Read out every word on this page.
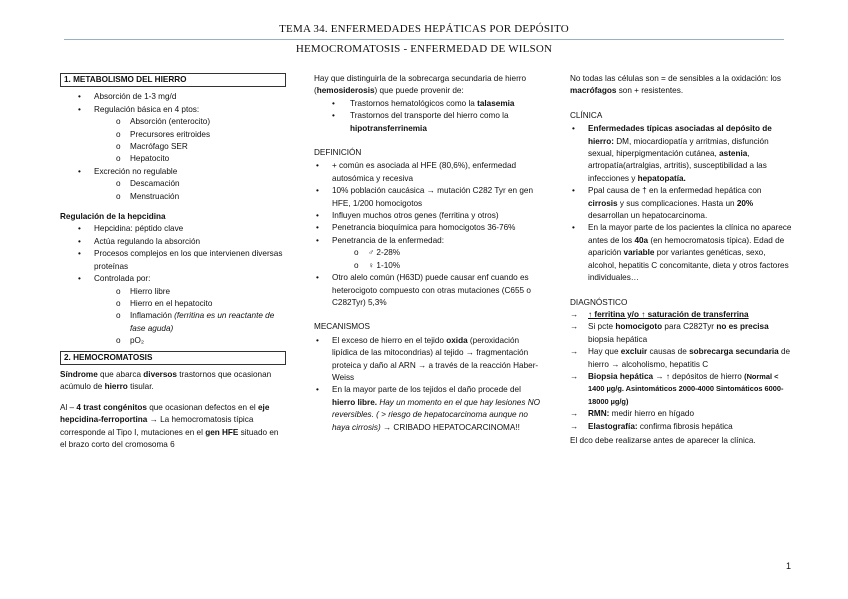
TEMA 34. ENFERMEDADES HEPÁTICAS POR DEPÓSITO
HEMOCROMATOSIS - ENFERMEDAD DE WILSON
1. METABOLISMO DEL HIERRO
• Absorción de 1-3 mg/d
• Regulación básica en 4 ptos:
o Absorción (enterocito)
o Precursores eritroides
o Macrófago SER
o Hepatocito
• Excreción no regulable
o Descamación
o Menstruación

Regulación de la hepcidina

• Hepcidina: péptido clave
• Actúa regulando la absorción
• Procesos complejos en los que intervienen diversas proteínas
• Controlada por:
o Hierro libre
o Hierro en el hepatocito
o Inflamación (ferritina es un reactante de fase aguda)
o pO₂
2. HEMOCROMATOSIS

Síndrome que abarca diversos trastornos que ocasionan acúmulo de hierro tisular.

Al – 4 trast congénitos que ocasionan defectos en el eje hepcidina-ferroportina → La hemocromatosis típica corresponde al Tipo I, mutaciones en el gen HFE situado en el brazo corto del cromosoma 6

Hay que distinguirla de la sobrecarga secundaria de hierro (hemosiderosis) que puede provenir de:

• Trastornos hematológicos como la talasemia
• Trastornos del transporte del hierro como la hipotransferrinemia

DEFINICIÓN

• + común es asociada al HFE (80,6%), enfermedad autosómica y recesiva
• 10% población caucásica → mutación C282 Tyr en gen HFE, 1/200 homocigotos
• Influyen muchos otros genes (ferritina y otros)
• Penetrancia bioquímica para homocigotos 36-76%
• Penetrancia de la enfermedad:
o ♂ 2-28%
o ♀ 1-10%
• Otro alelo común (H63D) puede causar enf cuando es heterocigoto compuesto con otras mutaciones (C655 o C282Tyr) 5,3%

MECANISMOS

• El exceso de hierro en el tejido oxida (peroxidación lipídica de las mitocondrias) al tejido → fragmentación proteica y daño al ARN → a través de la reacción Haber-Weiss
• En la mayor parte de los tejidos el daño procede del hierro libre. Hay un momento en el que hay lesiones NO reversibles. ( > riesgo de hepatocarcinoma aunque no haya cirrosis) → CRIBADO HEPATOCARCINOMA!!

No todas las células son = de sensibles a la oxidación: los macrófagos son + resistentes.

CLÍNICA

• Enfermedades típicas asociadas al depósito de hierro: DM, miocardiopatía y arritmias, disfunción sexual, hiperpigmentación cutánea, astenia, artropatía(artralgias, artritis), susceptibilidad a las infecciones y hepatopatía.
• Ppal causa de † en la enfermedad hepática con cirrosis y sus complicaciones. Hasta un 20% desarrollan un hepatocarcinoma.
• En la mayor parte de los pacientes la clínica no aparece antes de los 40a (en hemocromatosis típica). Edad de aparición variable por variantes genéticas, sexo, alcohol, hepatitis C concomitante, dieta y otros factores individuales…

DIAGNÓSTICO

→ ↑ ferritina y/o ↑ saturación de transferrina
→ Si pcte homocigoto para C282Tyr no es precisa biopsia hepática
→ Hay que excluir causas de sobrecarga secundaria de hierro → alcoholismo, hepatitis C
→ Biopsia hepática → ↑ depósitos de hierro (Normal < 1400 µg/g. Asintomáticos 2000-4000 Sintomáticos 6000-18000 µg/g)
→ RMN: medir hierro en hígado
→ Elastografía: confirma fibrosis hepática

El dco debe realizarse antes de aparecer la clínica.

1
